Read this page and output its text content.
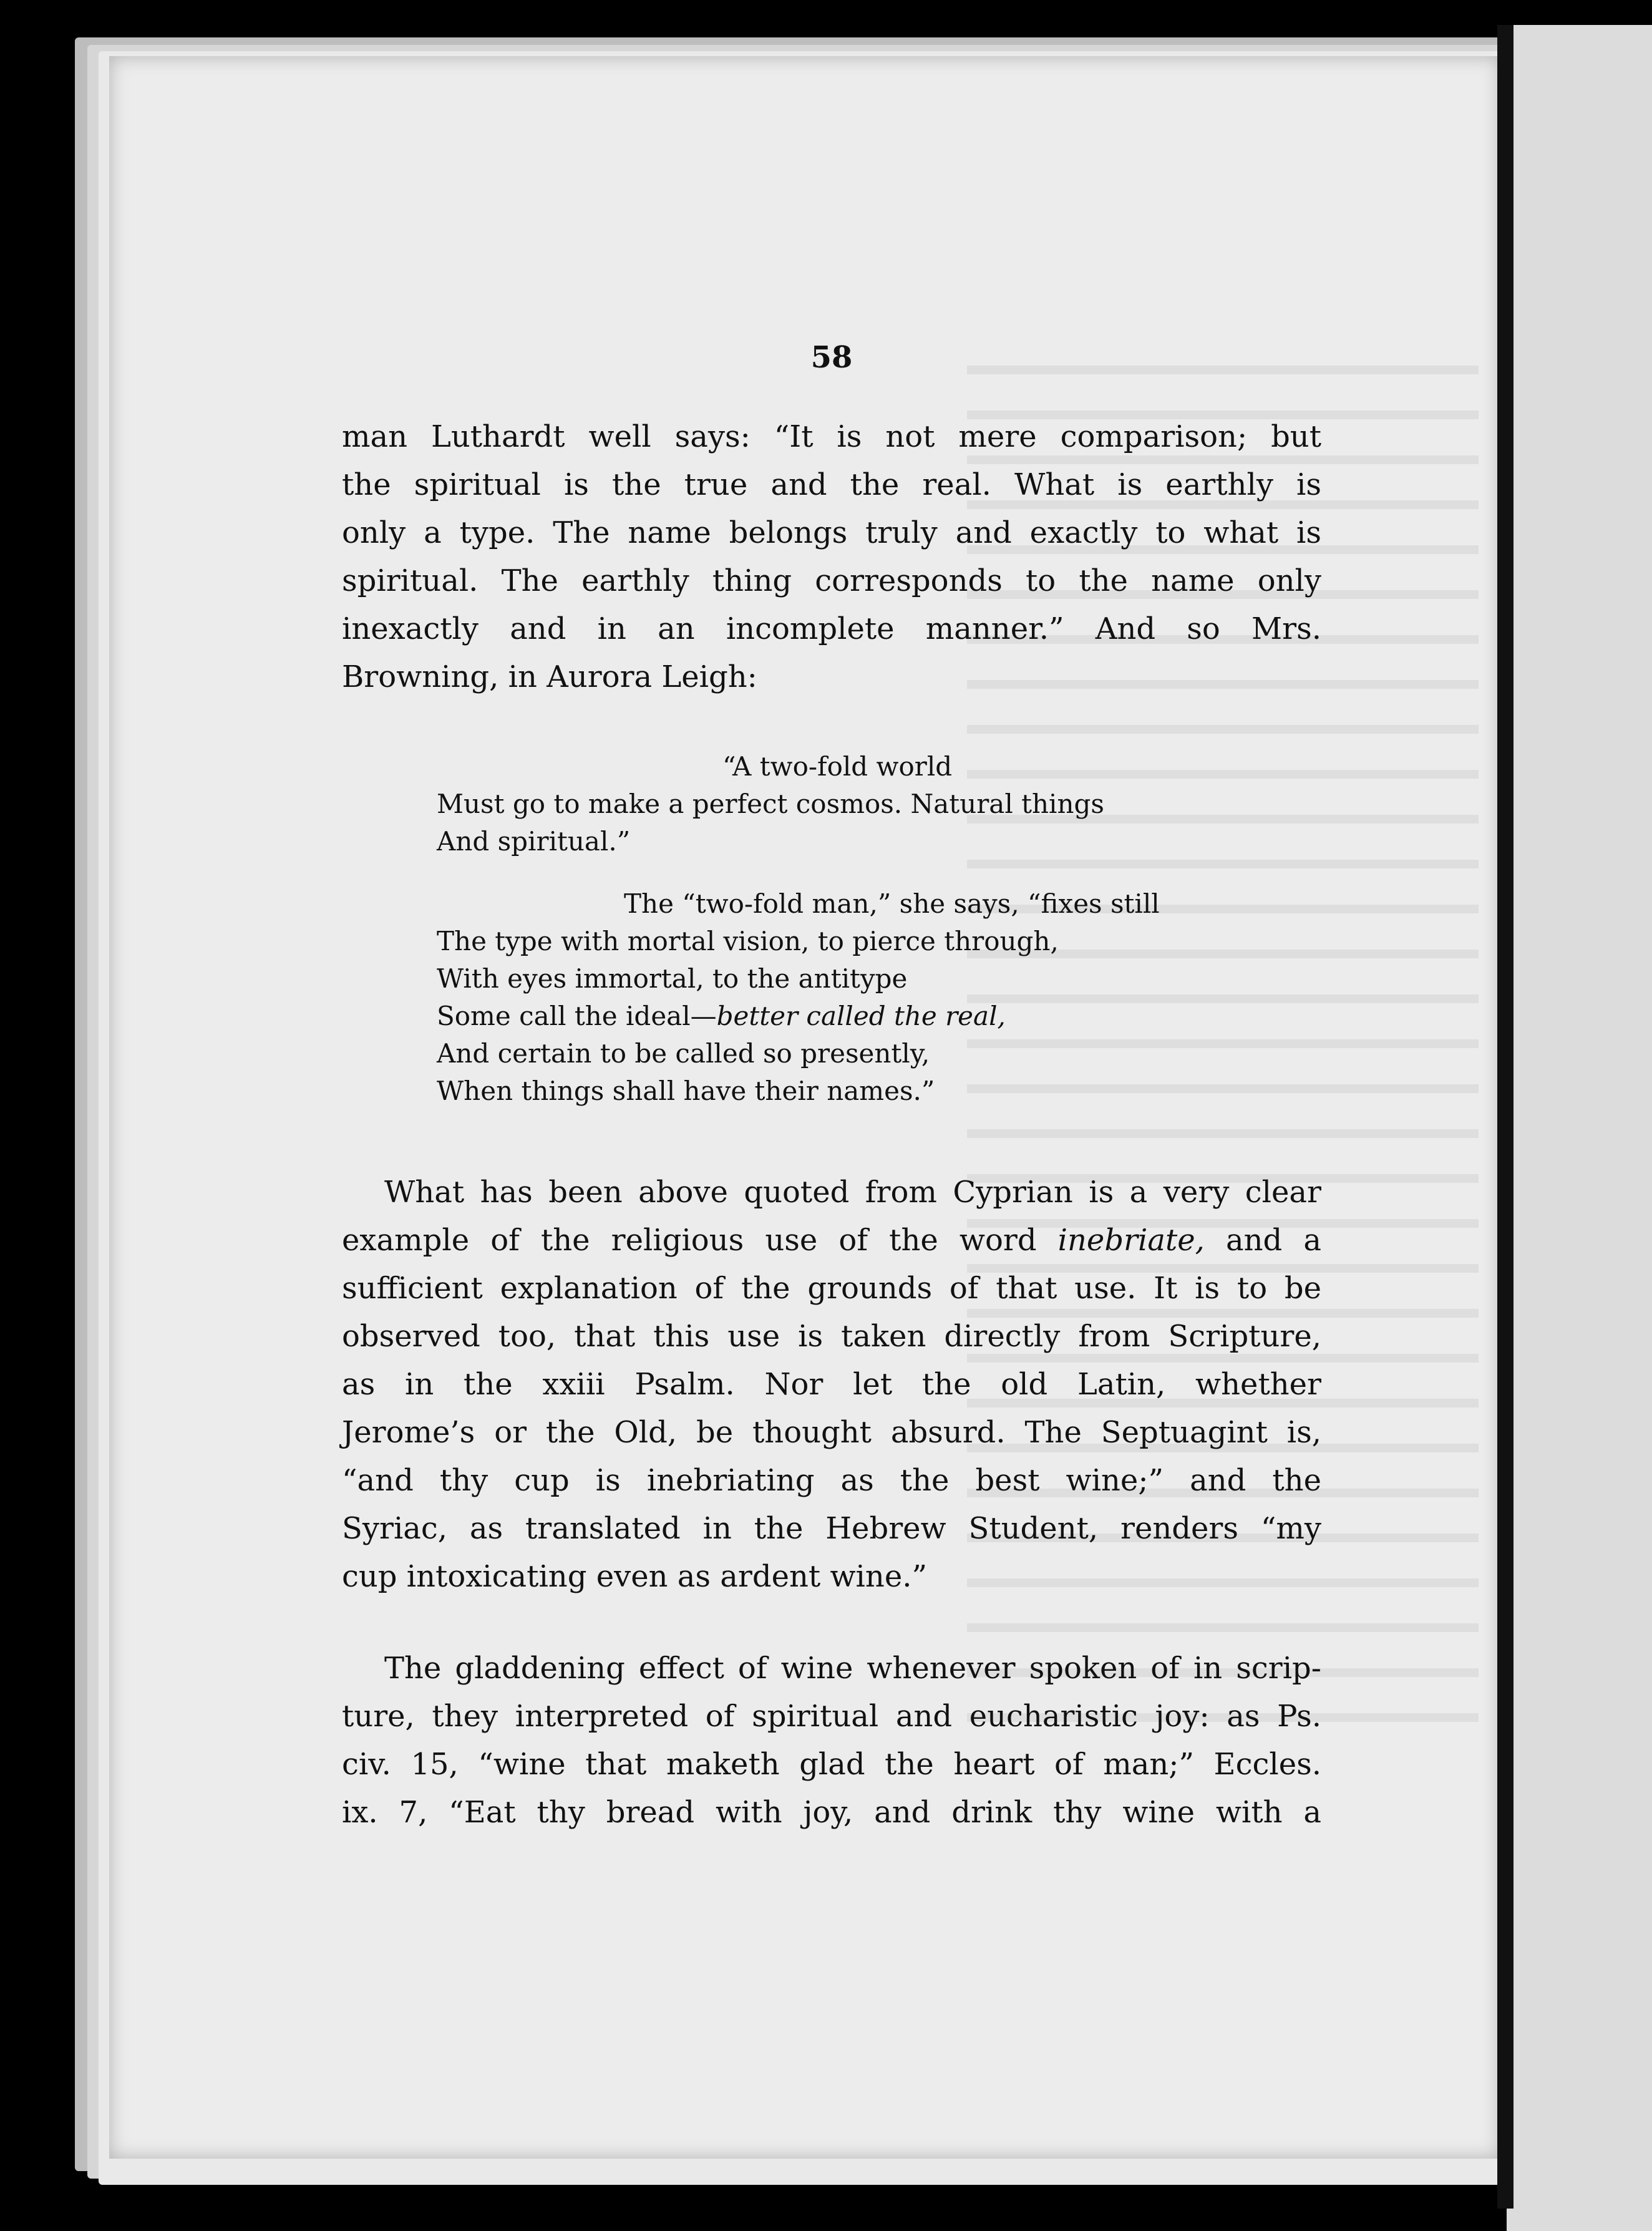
58
man Luthardt well says: “It is not mere comparison; but
the spiritual is the true and the real. What is earthly is
only a type. The name belongs truly and exactly to what is
spiritual. The earthly thing corresponds to the name only
inexactly and in an incomplete manner.” And so Mrs.
Browning, in Aurora Leigh:
“A two-fold world
Must go to make a perfect cosmos. Natural things
And spiritual.”
The “two-fold man,” she says, “fixes still
The type with mortal vision, to pierce through,
With eyes immortal, to the antitype
Some call the ideal—better called the real,
And certain to be called so presently,
When things shall have their names.”
What has been above quoted from Cyprian is a very clear
example of the religious use of the word inebriate, and a
sufficient explanation of the grounds of that use. It is to be
observed too, that this use is taken directly from Scripture,
as in the xxiii Psalm. Nor let the old Latin, whether
Jerome’s or the Old, be thought absurd. The Septuagint is,
“and thy cup is inebriating as the best wine;” and the
Syriac, as translated in the Hebrew Student, renders “my
cup intoxicating even as ardent wine.”
The gladdening effect of wine whenever spoken of in scrip-
ture, they interpreted of spiritual and eucharistic joy: as Ps.
civ. 15, “wine that maketh glad the heart of man;” Eccles.
ix. 7, “Eat thy bread with joy, and drink thy wine with a
